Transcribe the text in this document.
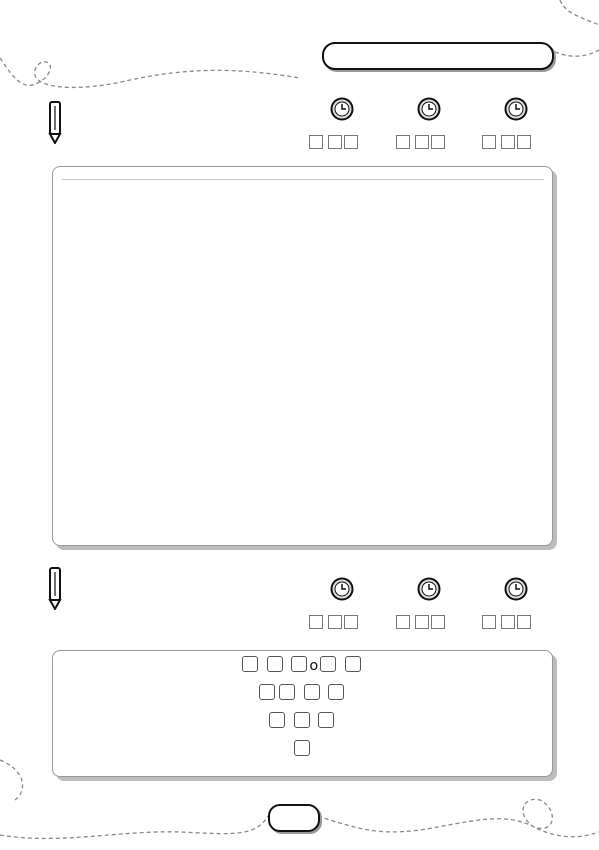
о
